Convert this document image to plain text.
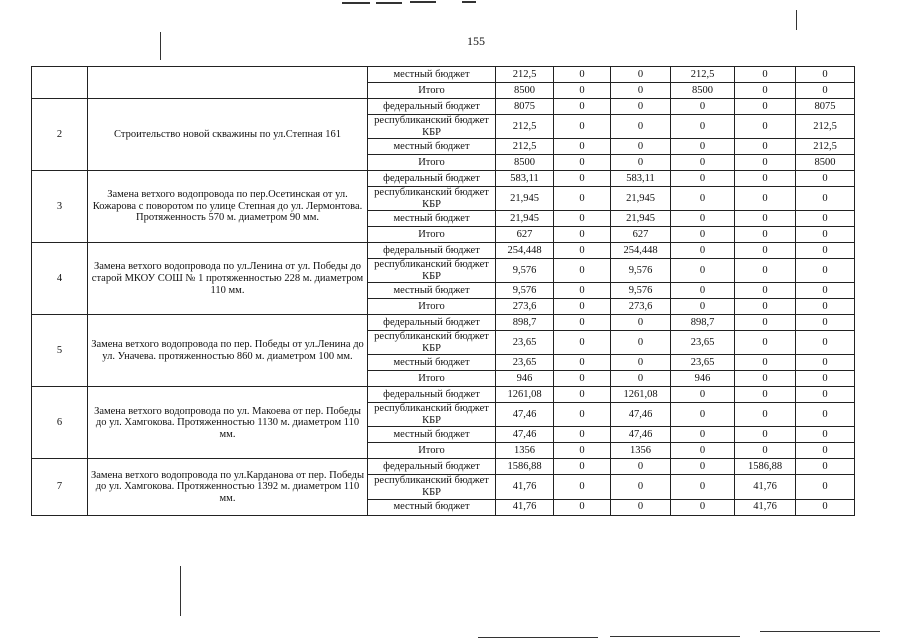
155
		местный бюджет	212,5	0	0	212,5	0	0
		Итого	8500	0	0	8500	0	0
2	Строительство новой скважины по ул.Степная 161	федеральный бюджет	8075	0	0	0	0	8075
		республиканский бюджет КБР	212,5	0	0	0	0	212,5
		местный бюджет	212,5	0	0	0	0	212,5
		Итого	8500	0	0	0	0	8500
3	Замена ветхого водопровода по пер.Осетинская от ул. Кожарова с поворотом по улице Степная до ул. Лермонтова. Протяженность 570 м. диаметром 90 мм.	федеральный бюджет	583,11	0	583,11	0	0	0
		республиканский бюджет КБР	21,945	0	21,945	0	0	0
		местный бюджет	21,945	0	21,945	0	0	0
		Итого	627	0	627	0	0	0
4	Замена ветхого водопровода по ул.Ленина от ул. Победы до старой МКОУ СОШ № 1 протяженностью 228 м. диаметром 110 мм.	федеральный бюджет	254,448	0	254,448	0	0	0
		республиканский бюджет КБР	9,576	0	9,576	0	0	0
		местный бюджет	9,576	0	9,576	0	0	0
		Итого	273,6	0	273,6	0	0	0
5	Замена ветхого водопровода по пер. Победы от ул.Ленина до ул. Уначева. протяженностью 860 м. диаметром 100 мм.	федеральный бюджет	898,7	0	0	898,7	0	0
		республиканский бюджет КБР	23,65	0	0	23,65	0	0
		местный бюджет	23,65	0	0	23,65	0	0
		Итого	946	0	0	946	0	0
6	Замена ветхого водопровода по ул. Макоева от пер. Победы до ул. Хамгокова. Протяженностью 1130 м. диаметром 110 мм.	федеральный бюджет	1261,08	0	1261,08	0	0	0
		республиканский бюджет КБР	47,46	0	47,46	0	0	0
		местный бюджет	47,46	0	47,46	0	0	0
		Итого	1356	0	1356	0	0	0
7	Замена ветхого водопровода по ул.Карданова от пер. Победы до ул. Хамгокова. Протяженностью 1392 м. диаметром 110 мм.	федеральный бюджет	1586,88	0	0	0	1586,88	0
		республиканский бюджет КБР	41,76	0	0	0	41,76	0
		местный бюджет	41,76	0	0	0	41,76	0
